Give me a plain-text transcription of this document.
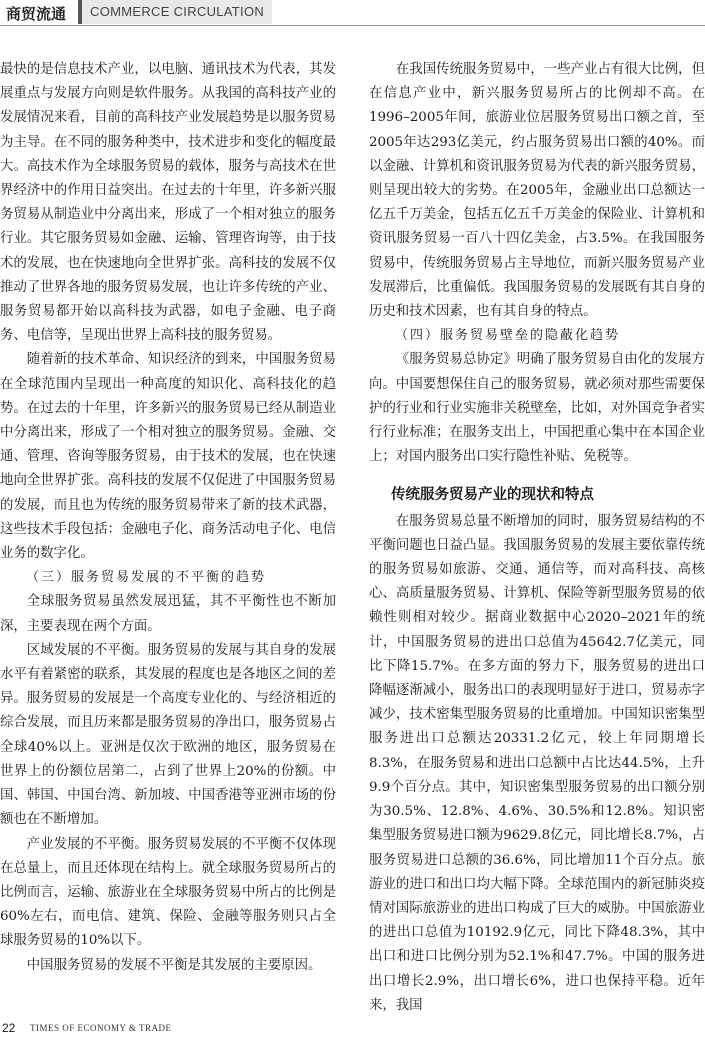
商贸流通	COMMERCE CIRCULATION

最快的是信息技术产业，以电脑、通讯技术为代表，其发展重点与发展方向则是软件服务。从我国的高科技产业的发展情况来看，目前的高科技产业发展趋势是以服务贸易为主导。在不同的服务种类中，技术进步和变化的幅度最大。高技术作为全球服务贸易的载体，服务与高技术在世界经济中的作用日益突出。在过去的十年里，许多新兴服务贸易从制造业中分离出来，形成了一个相对独立的服务行业。其它服务贸易如金融、运输、管理咨询等，由于技术的发展，也在快速地向全世界扩张。高科技的发展不仅推动了世界各地的服务贸易发展，也让许多传统的产业、服务贸易都开始以高科技为武器，如电子金融、电子商务、电信等，呈现出世界上高科技的服务贸易。

随着新的技术革命、知识经济的到来，中国服务贸易在全球范围内呈现出一种高度的知识化、高科技化的趋势。在过去的十年里，许多新兴的服务贸易已经从制造业中分离出来，形成了一个相对独立的服务贸易。金融、交通、管理、咨询等服务贸易，由于技术的发展，也在快速地向全世界扩张。高科技的发展不仅促进了中国服务贸易的发展，而且也为传统的服务贸易带来了新的技术武器，这些技术手段包括：金融电子化、商务活动电子化、电信业务的数字化。

（三）服务贸易发展的不平衡的趋势

全球服务贸易虽然发展迅猛，其不平衡性也不断加深，主要表现在两个方面。

区域发展的不平衡。服务贸易的发展与其自身的发展水平有着紧密的联系，其发展的程度也是各地区之间的差异。服务贸易的发展是一个高度专业化的、与经济相近的综合发展，而且历来都是服务贸易的净出口，服务贸易占全球40%以上。亚洲是仅次于欧洲的地区，服务贸易在世界上的份额位居第二，占到了世界上20%的份额。中国、韩国、中国台湾、新加坡、中国香港等亚洲市场的份额也在不断增加。

产业发展的不平衡。服务贸易发展的不平衡不仅体现在总量上，而且还体现在结构上。就全球服务贸易所占的比例而言，运输、旅游业在全球服务贸易中所占的比例是60%左右，而电信、建筑、保险、金融等服务则只占全球服务贸易的10%以下。

中国服务贸易的发展不平衡是其发展的主要原因。

在我国传统服务贸易中，一些产业占有很大比例，但在信息产业中，新兴服务贸易所占的比例却不高。在1996–2005年间，旅游业位居服务贸易出口额之首，至2005年达293亿美元，约占服务贸易出口额的40%。而以金融、计算机和资讯服务贸易为代表的新兴服务贸易，则呈现出较大的劣势。在2005年，金融业出口总额达一亿五千万美金，包括五亿五千万美金的保险业、计算机和资讯服务贸易一百八十四亿美金，占3.5%。在我国服务贸易中，传统服务贸易占主导地位，而新兴服务贸易产业发展滞后，比重偏低。我国服务贸易的发展既有其自身的历史和技术因素，也有其自身的特点。

（四）服务贸易壁垒的隐蔽化趋势

《服务贸易总协定》明确了服务贸易自由化的发展方向。中国要想保住自己的服务贸易，就必须对那些需要保护的行业和行业实施非关税壁垒，比如，对外国竞争者实行行业标准；在服务支出上，中国把重心集中在本国企业上；对国内服务出口实行隐性补贴、免税等。

传统服务贸易产业的现状和特点

在服务贸易总量不断增加的同时，服务贸易结构的不平衡问题也日益凸显。我国服务贸易的发展主要依靠传统的服务贸易如旅游、交通、通信等，而对高科技、高核心、高质量服务贸易、计算机、保险等新型服务贸易的依赖性则相对较少。据商业数据中心2020–2021年的统计，中国服务贸易的进出口总值为45642.7亿美元，同比下降15.7%。在多方面的努力下，服务贸易的进出口降幅逐渐减小，服务出口的表现明显好于进口，贸易赤字减少，技术密集型服务贸易的比重增加。中国知识密集型服务进出口总额达20331.2亿元，较上年同期增长8.3%，在服务贸易和进出口总额中占比达44.5%，上升9.9个百分点。其中，知识密集型服务贸易的出口额分别为30.5%、12.8%、4.6%、30.5%和12.8%。知识密集型服务贸易进口额为9629.8亿元，同比增长8.7%，占服务贸易进口总额的36.6%，同比增加11个百分点。旅游业的进口和出口均大幅下降。全球范围内的新冠肺炎疫情对国际旅游业的进出口构成了巨大的威胁。中国旅游业的进出口总值为10192.9亿元，同比下降48.3%，其中出口和进口比例分别为52.1%和47.7%。中国的服务进出口增长2.9%，出口增长6%，进口也保持平稳。近年来，我国

22 TIMES OF ECONOMY & TRADE
